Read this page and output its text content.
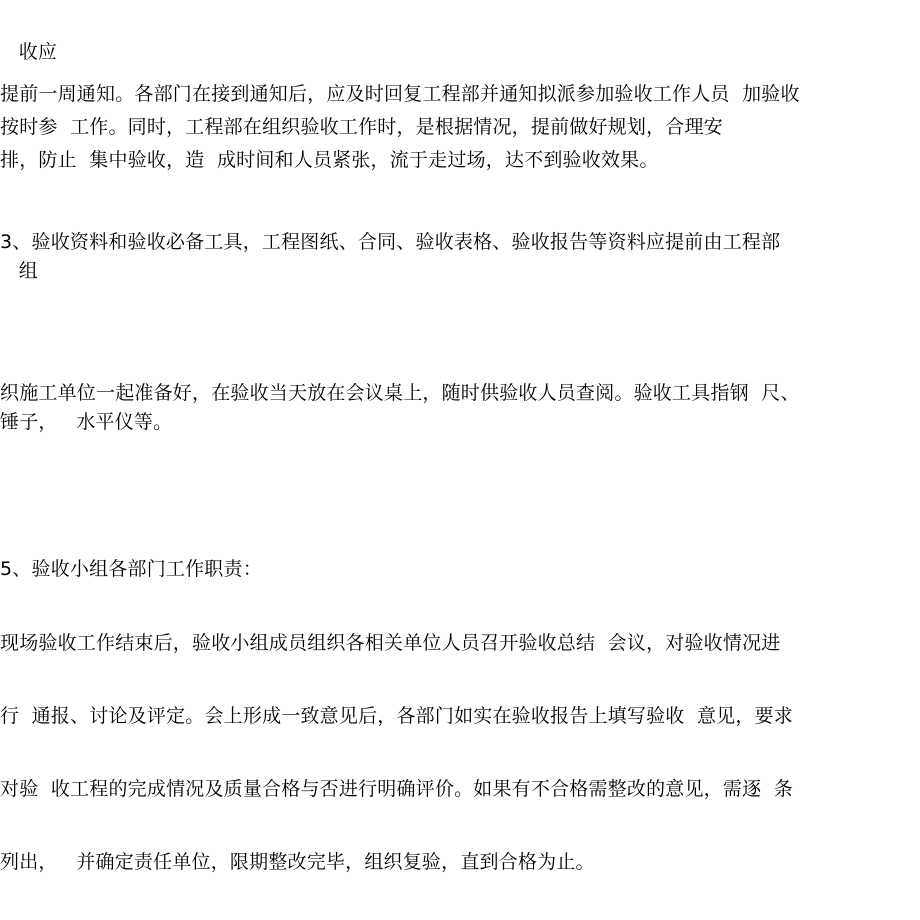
收应
提前一周通知。各部门在接到通知后，应及时回复工程部并通知拟派参加验收工作人员  加验收
按时参  工作。同时，工程部在组织验收工作时，是根据情况，提前做好规划，合理安
排，防止  集中验收，造  成时间和人员紧张，流于走过场，达不到验收效果。
3、验收资料和验收必备工具，工程图纸、合同、验收表格、验收报告等资料应提前由工程部
组
织施工单位一起准备好，在验收当天放在会议桌上，随时供验收人员查阅。验收工具指钢  尺、
锤子，   水平仪等。
5、验收小组各部门工作职责：
现场验收工作结束后，验收小组成员组织各相关单位人员召开验收总结  会议，对验收情况进
行  通报、讨论及评定。会上形成一致意见后，各部门如实在验收报告上填写验收  意见，要求
对验  收工程的完成情况及质量合格与否进行明确评价。如果有不合格需整改的意见，需逐  条
列出，   并确定责任单位，限期整改完毕，组织复验，直到合格为止。
